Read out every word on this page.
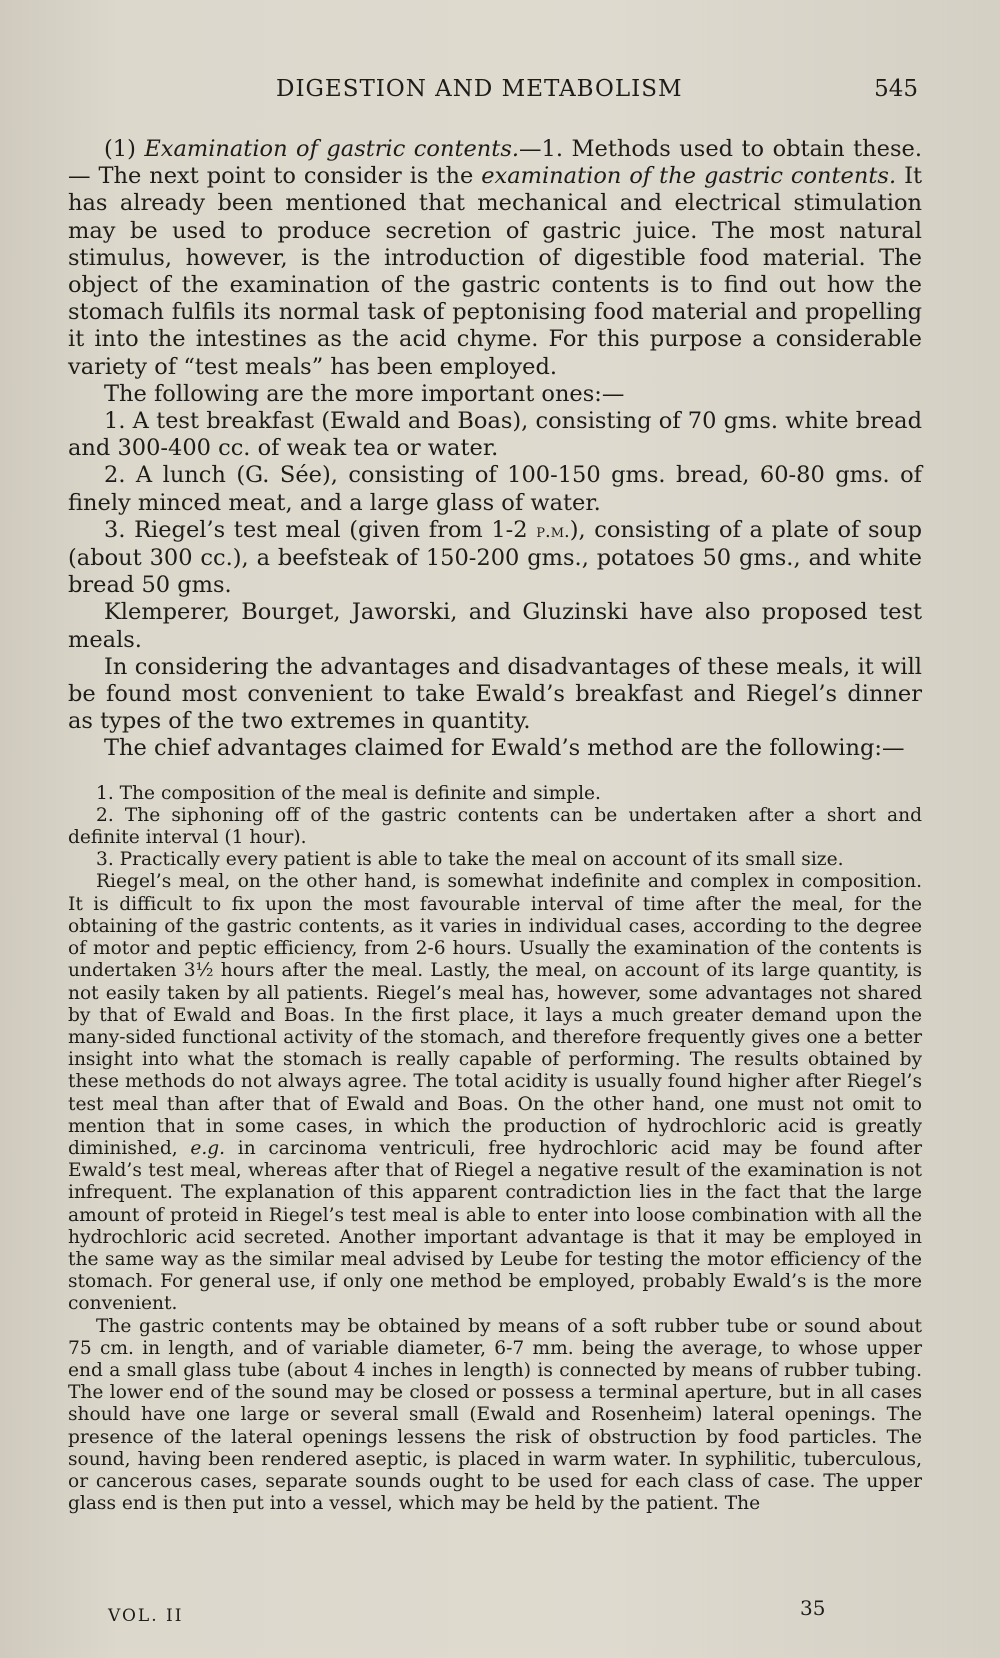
DIGESTION AND METABOLISM	545

(1) Examination of gastric contents.—1. Methods used to obtain these.— The next point to consider is the examination of the gastric contents. It has already been mentioned that mechanical and electrical stimulation may be used to produce secretion of gastric juice. The most natural stimulus, however, is the introduction of digestible food material. The object of the examination of the gastric contents is to find out how the stomach fulfils its normal task of peptonising food material and propelling it into the intestines as the acid chyme. For this purpose a considerable variety of “test meals” has been employed.

The following are the more important ones:—

1. A test breakfast (Ewald and Boas), consisting of 70 gms. white bread and 300-400 cc. of weak tea or water.

2. A lunch (G. Sée), consisting of 100-150 gms. bread, 60-80 gms. of finely minced meat, and a large glass of water.

3. Riegel’s test meal (given from 1-2 p.m.), consisting of a plate of soup (about 300 cc.), a beefsteak of 150-200 gms., potatoes 50 gms., and white bread 50 gms.

Klemperer, Bourget, Jaworski, and Gluzinski have also proposed test meals.

In considering the advantages and disadvantages of these meals, it will be found most convenient to take Ewald’s breakfast and Riegel’s dinner as types of the two extremes in quantity.

The chief advantages claimed for Ewald’s method are the following:—

1. The composition of the meal is definite and simple.

2. The siphoning off of the gastric contents can be undertaken after a short and definite interval (1 hour).

3. Practically every patient is able to take the meal on account of its small size.

Riegel’s meal, on the other hand, is somewhat indefinite and complex in composition. It is difficult to fix upon the most favourable interval of time after the meal, for the obtaining of the gastric contents, as it varies in individual cases, according to the degree of motor and peptic efficiency, from 2-6 hours. Usually the examination of the contents is undertaken 3½ hours after the meal. Lastly, the meal, on account of its large quantity, is not easily taken by all patients. Riegel’s meal has, however, some advantages not shared by that of Ewald and Boas. In the first place, it lays a much greater demand upon the many-sided functional activity of the stomach, and therefore frequently gives one a better insight into what the stomach is really capable of performing. The results obtained by these methods do not always agree. The total acidity is usually found higher after Riegel’s test meal than after that of Ewald and Boas. On the other hand, one must not omit to mention that in some cases, in which the production of hydrochloric acid is greatly diminished, e.g. in carcinoma ventriculi, free hydrochloric acid may be found after Ewald’s test meal, whereas after that of Riegel a negative result of the examination is not infrequent. The explanation of this apparent contradiction lies in the fact that the large amount of proteid in Riegel’s test meal is able to enter into loose combination with all the hydrochloric acid secreted. Another important advantage is that it may be employed in the same way as the similar meal advised by Leube for testing the motor efficiency of the stomach. For general use, if only one method be employed, probably Ewald’s is the more convenient.

The gastric contents may be obtained by means of a soft rubber tube or sound about 75 cm. in length, and of variable diameter, 6-7 mm. being the average, to whose upper end a small glass tube (about 4 inches in length) is connected by means of rubber tubing. The lower end of the sound may be closed or possess a terminal aperture, but in all cases should have one large or several small (Ewald and Rosenheim) lateral openings. The presence of the lateral openings lessens the risk of obstruction by food particles. The sound, having been rendered aseptic, is placed in warm water. In syphilitic, tuberculous, or cancerous cases, separate sounds ought to be used for each class of case. The upper glass end is then put into a vessel, which may be held by the patient. The

VOL. II	35
